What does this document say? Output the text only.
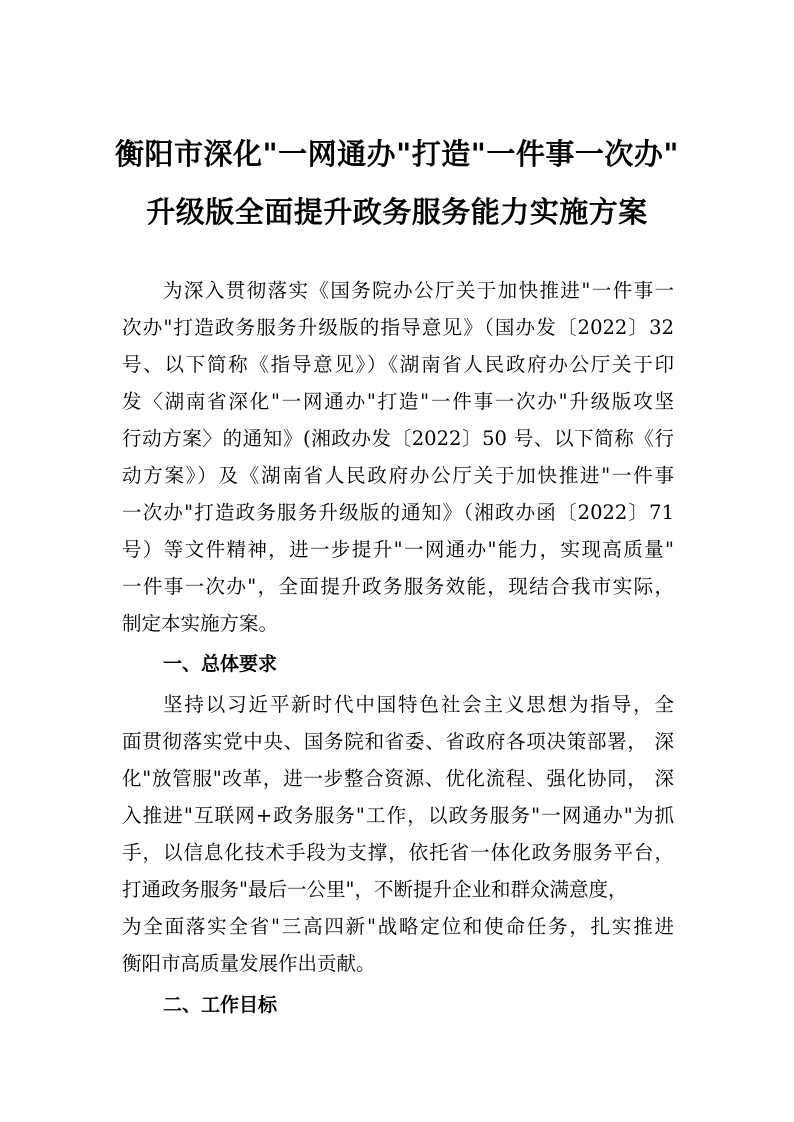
衡阳市深化"一网通办"打造"一件事一次办"
升级版全面提升政务服务能力实施方案
为深入贯彻落实《国务院办公厅关于加快推进"一件事一
次办"打造政务服务升级版的指导意见》（国办发〔2022〕32
号、以下简称《指导意见》）《湖南省人民政府办公厅关于印
发〈湖南省深化"一网通办"打造"一件事一次办"升级版攻坚
行动方案〉的通知》(湘政办发〔2022〕50 号、以下简称《行
动方案》）及《湖南省人民政府办公厅关于加快推进"一件事
一次办"打造政务服务升级版的通知》（湘政办函〔2022〕71
号）等文件精神，进一步提升"一网通办"能力，实现高质量"
一件事一次办"，全面提升政务服务效能，现结合我市实际，
制定本实施方案。
一、总体要求
坚持以习近平新时代中国特色社会主义思想为指导，全
面贯彻落实党中央、国务院和省委、省政府各项决策部署， 深
化"放管服"改革，进一步整合资源、优化流程、强化协同， 深
入推进"互联网+政务服务"工作，以政务服务"一网通办"为抓
手，以信息化技术手段为支撑，依托省一体化政务服务平台，
打通政务服务"最后一公里"，不断提升企业和群众满意度，
为全面落实全省"三高四新"战略定位和使命任务，扎实推进
衡阳市高质量发展作出贡献。
二、工作目标
